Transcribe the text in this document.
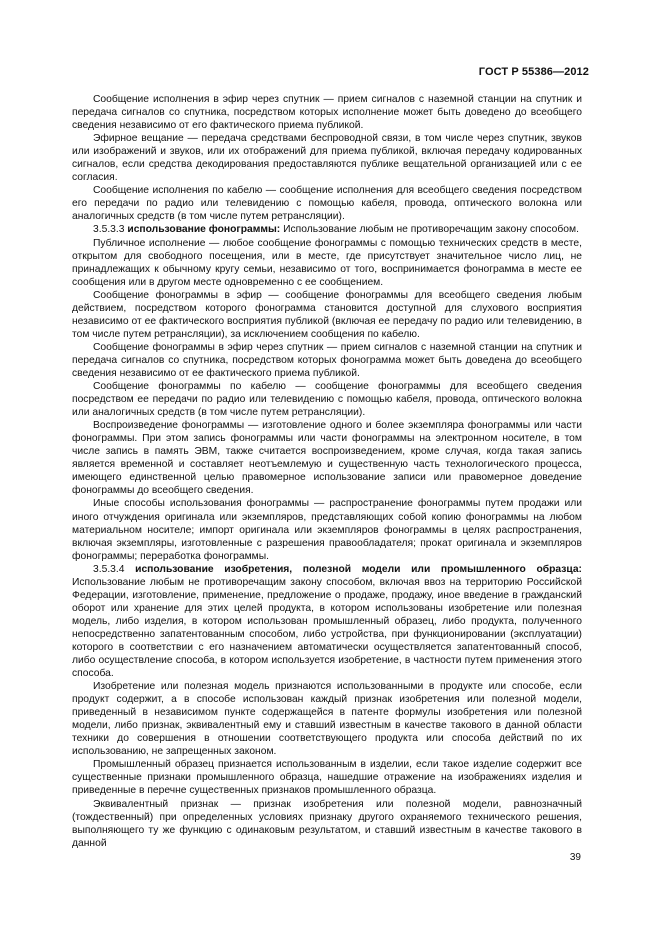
ГОСТ Р 55386—2012

Сообщение исполнения в эфир через спутник — прием сигналов с наземной станции на спутник и передача сигналов со спутника, посредством которых исполнение может быть доведено до всеобщего сведения независимо от его фактического приема публикой.

Эфирное вещание — передача средствами беспроводной связи, в том числе через спутник, звуков или изображений и звуков, или их отображений для приема публикой, включая передачу кодированных сигналов, если средства декодирования предоставляются публике вещательной организацией или с ее согласия.

Сообщение исполнения по кабелю — сообщение исполнения для всеобщего сведения посредством его передачи по радио или телевидению с помощью кабеля, провода, оптического волокна или аналогичных средств (в том числе путем ретрансляции).

3.5.3.3 использование фонограммы: Использование любым не противоречащим закону способом.

Публичное исполнение — любое сообщение фонограммы с помощью технических средств в месте, открытом для свободного посещения, или в месте, где присутствует значительное число лиц, не принадлежащих к обычному кругу семьи, независимо от того, воспринимается фонограмма в месте ее сообщения или в другом месте одновременно с ее сообщением.

Сообщение фонограммы в эфир — сообщение фонограммы для всеобщего сведения любым действием, посредством которого фонограмма становится доступной для слухового восприятия независимо от ее фактического восприятия публикой (включая ее передачу по радио или телевидению, в том числе путем ретрансляции), за исключением сообщения по кабелю.

Сообщение фонограммы в эфир через спутник — прием сигналов с наземной станции на спутник и передача сигналов со спутника, посредством которых фонограмма может быть доведена до всеобщего сведения независимо от ее фактического приема публикой.

Сообщение фонограммы по кабелю — сообщение фонограммы для всеобщего сведения посредством ее передачи по радио или телевидению с помощью кабеля, провода, оптического волокна или аналогичных средств (в том числе путем ретрансляции).

Воспроизведение фонограммы — изготовление одного и более экземпляра фонограммы или части фонограммы. При этом запись фонограммы или части фонограммы на электронном носителе, в том числе запись в память ЭВМ, также считается воспроизведением, кроме случая, когда такая запись является временной и составляет неотъемлемую и существенную часть технологического процесса, имеющего единственной целью правомерное использование записи или правомерное доведение фонограммы до всеобщего сведения.

Иные способы использования фонограммы — распространение фонограммы путем продажи или иного отчуждения оригинала или экземпляров, представляющих собой копию фонограммы на любом материальном носителе; импорт оригинала или экземпляров фонограммы в целях распространения, включая экземпляры, изготовленные с разрешения правообладателя; прокат оригинала и экземпляров фонограммы; переработка фонограммы.

3.5.3.4 использование изобретения, полезной модели или промышленного образца: Использование любым не противоречащим закону способом, включая ввоз на территорию Российской Федерации, изготовление, применение, предложение о продаже, продажу, иное введение в гражданский оборот или хранение для этих целей продукта, в котором использованы изобретение или полезная модель, либо изделия, в котором использован промышленный образец, либо продукта, полученного непосредственно запатентованным способом, либо устройства, при функционировании (эксплуатации) которого в соответствии с его назначением автоматически осуществляется запатентованный способ, либо осуществление способа, в котором используется изобретение, в частности путем применения этого способа.

Изобретение или полезная модель признаются использованными в продукте или способе, если продукт содержит, а в способе использован каждый признак изобретения или полезной модели, приведенный в независимом пункте содержащейся в патенте формулы изобретения или полезной модели, либо признак, эквивалентный ему и ставший известным в качестве такового в данной области техники до совершения в отношении соответствующего продукта или способа действий по их использованию, не запрещенных законом.

Промышленный образец признается использованным в изделии, если такое изделие содержит все существенные признаки промышленного образца, нашедшие отражение на изображениях изделия и приведенные в перечне существенных признаков промышленного образца.

Эквивалентный признак — признак изобретения или полезной модели, равнозначный (тождественный) при определенных условиях признаку другого охраняемого технического решения, выполняющего ту же функцию с одинаковым результатом, и ставший известным в качестве такового в данной

39
